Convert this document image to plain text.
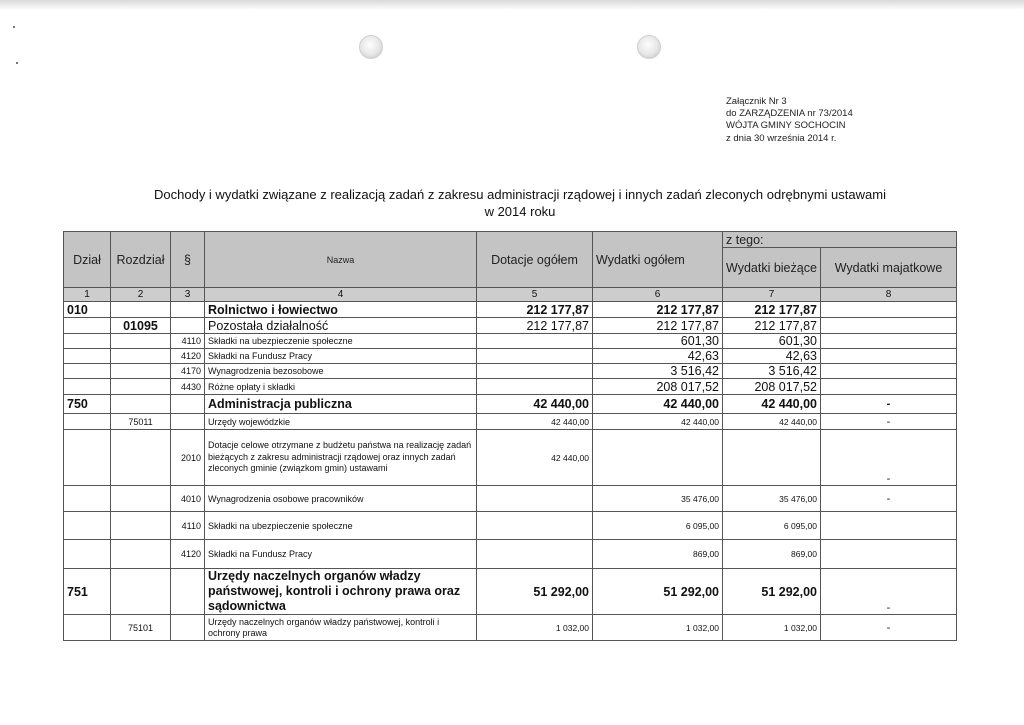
Załącznik Nr 3
do ZARZĄDZENIA nr 73/2014
WÓJTA GMINY SOCHOCIN
z dnia 30 września 2014 r.
Dochody i wydatki związane z realizacją zadań z zakresu administracji rządowej i innych zadań zleconych odrębnymi ustawami
w 2014 roku
Dział	Rozdział	§	Nazwa	Dotacje ogółem	Wydatki ogółem	z tego:	
						Wydatki bieżące	Wydatki majatkowe
1	2	3	4	5	6	7	8
010			Rolnictwo i łowiectwo	212 177,87	212 177,87	212 177,87	
	01095		Pozostała działalność	212 177,87	212 177,87	212 177,87	
		4110	Składki na ubezpieczenie społeczne		601,30	601,30	
		4120	Składki na Fundusz Pracy		42,63	42,63	
		4170	Wynagrodzenia bezosobowe		3 516,42	3 516,42	
		4430	Różne opłaty i składki		208 017,52	208 017,52	
750			Administracja publiczna	42 440,00	42 440,00	42 440,00	-
	75011		Urzędy wojewódzkie	42 440,00	42 440,00	42 440,00	-
		2010	Dotacje celowe otrzymane z budżetu państwa na realizację zadań bieżących z zakresu administracji rządowej oraz innych zadań zleconych gminie (związkom gmin) ustawami	42 440,00			-
		4010	Wynagrodzenia osobowe pracowników		35 476,00	35 476,00	-
		4110	Składki na ubezpieczenie społeczne		6 095,00	6 095,00	
		4120	Składki na Fundusz Pracy		869,00	869,00	
751			Urzędy naczelnych organów władzy państwowej, kontroli i ochrony prawa oraz sądownictwa	51 292,00	51 292,00	51 292,00	-
	75101		Urzędy naczelnych organów władzy państwowej, kontroli i ochrony prawa	1 032,00	1 032,00	1 032,00	-
